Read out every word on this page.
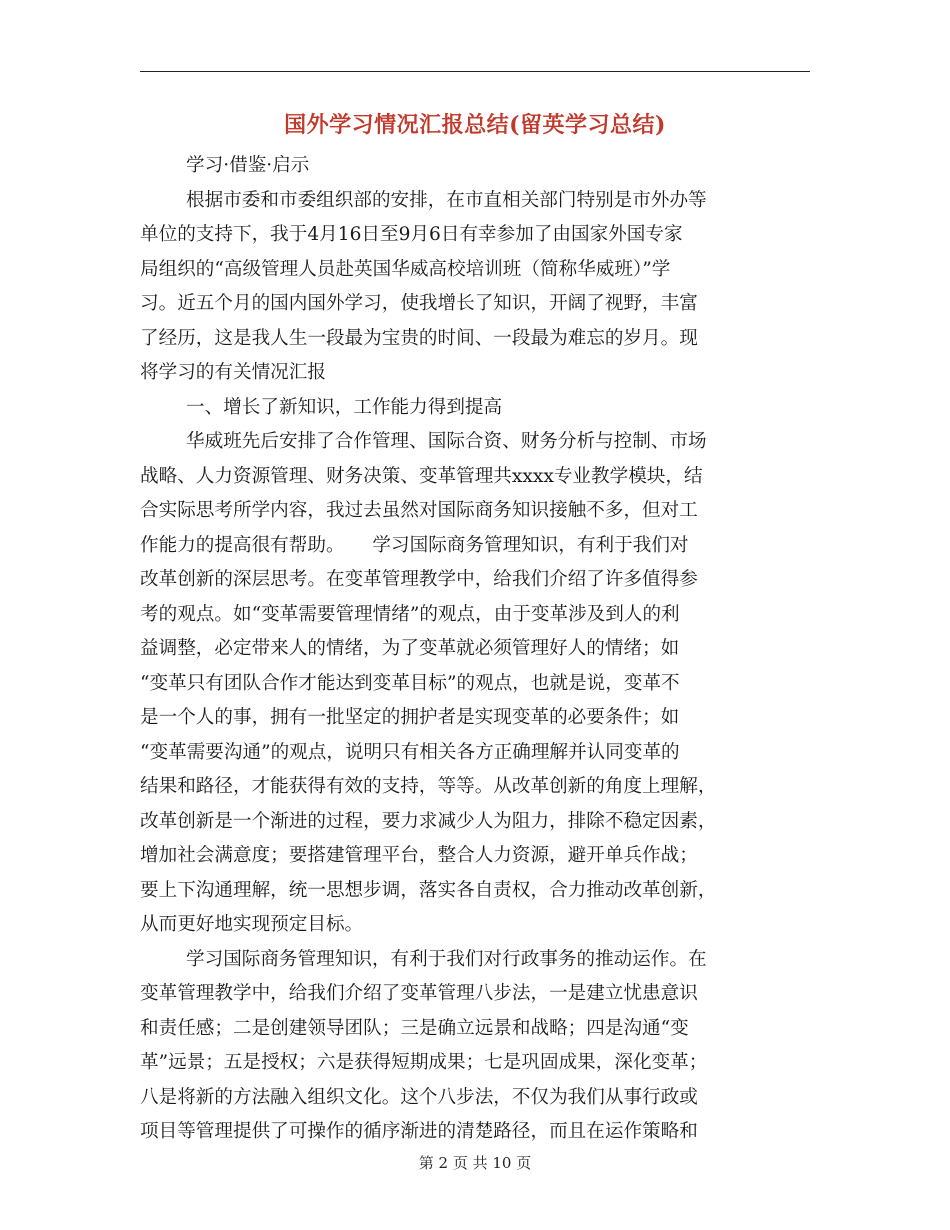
国外学习情况汇报总结(留英学习总结)
学习·借鉴·启示
根据市委和市委组织部的安排，在市直相关部门特别是市外办等
单位的支持下，我于4月16日至9月6日有幸参加了由国家外国专家
局组织的“高级管理人员赴英国华威高校培训班（简称华威班）”学
习。近五个月的国内国外学习，使我增长了知识，开阔了视野，丰富
了经历，这是我人生一段最为宝贵的时间、一段最为难忘的岁月。现
将学习的有关情况汇报
一、增长了新知识，工作能力得到提高
华威班先后安排了合作管理、国际合资、财务分析与控制、市场
战略、人力资源管理、财务决策、变革管理共xxxx专业教学模块，结
合实际思考所学内容，我过去虽然对国际商务知识接触不多，但对工
作能力的提高很有帮助。　　学习国际商务管理知识，有利于我们对
改革创新的深层思考。在变革管理教学中，给我们介绍了许多值得参
考的观点。如“变革需要管理情绪”的观点，由于变革涉及到人的利
益调整，必定带来人的情绪，为了变革就必须管理好人的情绪；如
“变革只有团队合作才能达到变革目标”的观点，也就是说，变革不
是一个人的事，拥有一批坚定的拥护者是实现变革的必要条件；如
“变革需要沟通”的观点，说明只有相关各方正确理解并认同变革的
结果和路径，才能获得有效的支持，等等。从改革创新的角度上理解，
改革创新是一个渐进的过程，要力求减少人为阻力，排除不稳定因素，
增加社会满意度；要搭建管理平台，整合人力资源，避开单兵作战；
要上下沟通理解，统一思想步调，落实各自责权，合力推动改革创新，
从而更好地实现预定目标。
学习国际商务管理知识，有利于我们对行政事务的推动运作。在
变革管理教学中，给我们介绍了变革管理八步法，一是建立忧患意识
和责任感；二是创建领导团队；三是确立远景和战略；四是沟通“变
革”远景；五是授权；六是获得短期成果；七是巩固成果，深化变革；
八是将新的方法融入组织文化。这个八步法，不仅为我们从事行政或
项目等管理提供了可操作的循序渐进的清楚路径，而且在运作策略和
第 2 页 共 10 页
